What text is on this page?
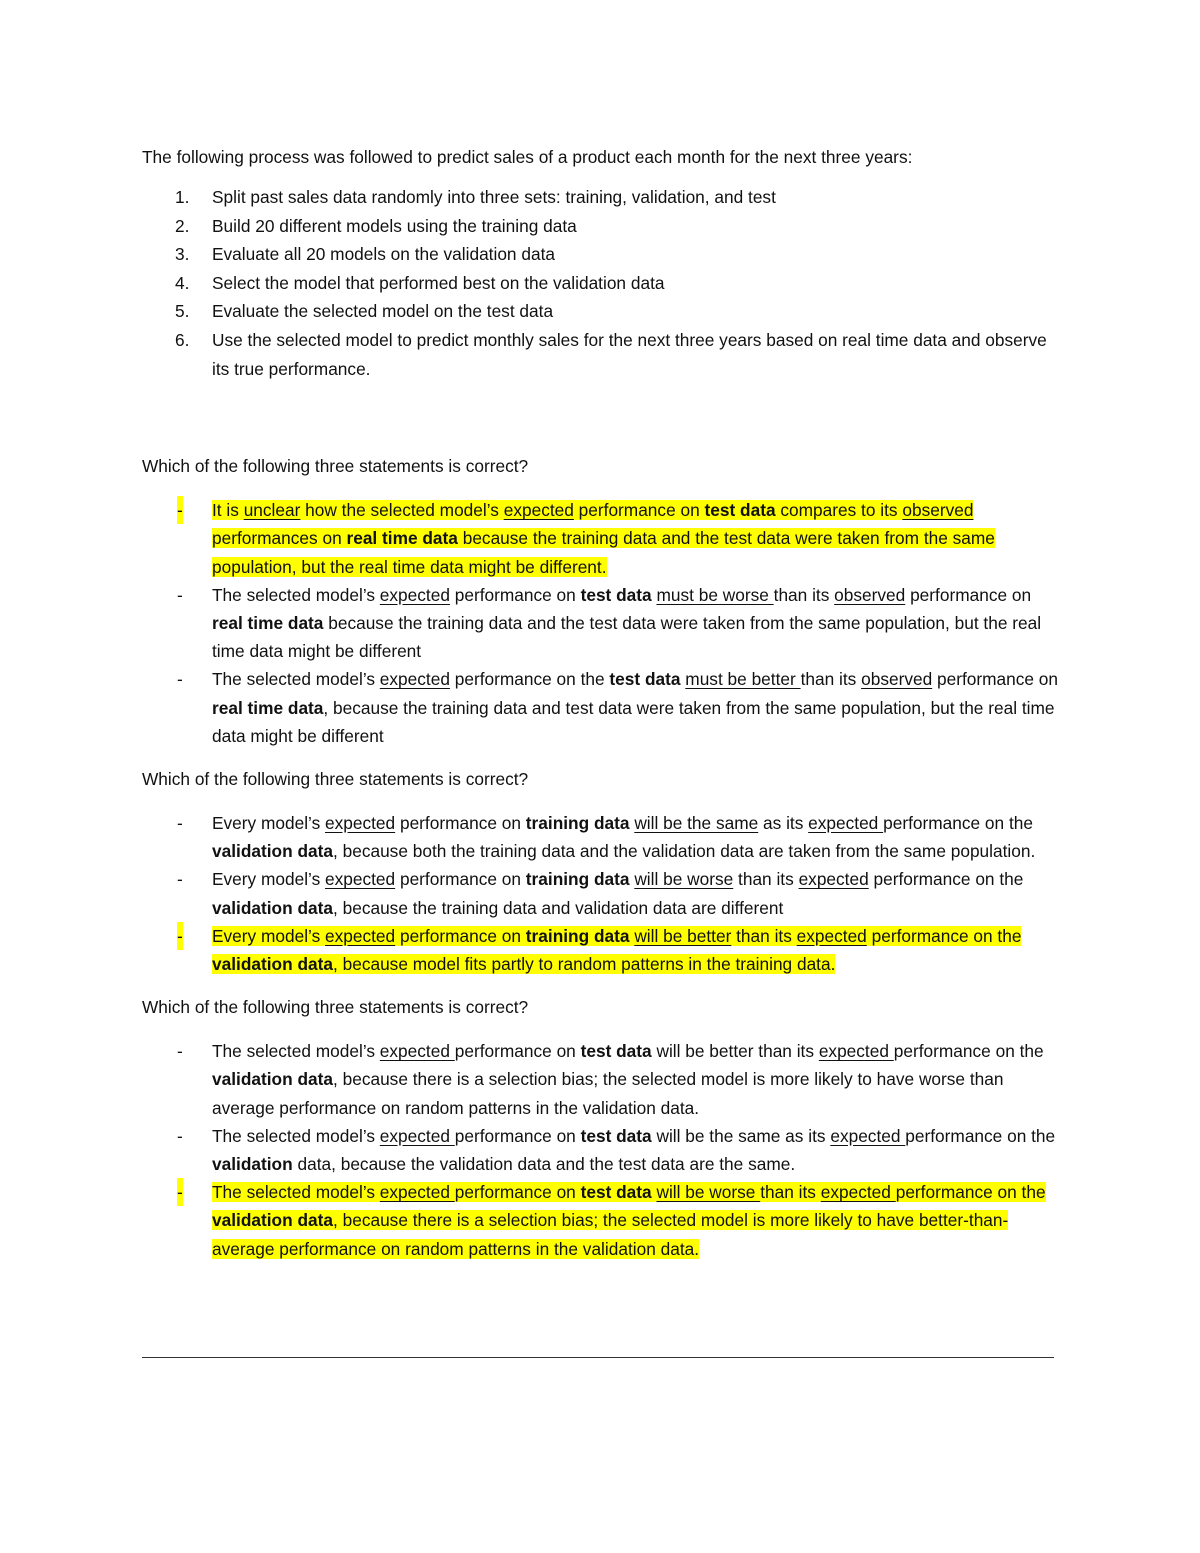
The following process was followed to predict sales of a product each month for the next three years:

1. Split past sales data randomly into three sets: training, validation, and test
2. Build 20 different models using the training data
3. Evaluate all 20 models on the validation data
4. Select the model that performed best on the validation data
5. Evaluate the selected model on the test data
6. Use the selected model to predict monthly sales for the next three years based on real time data and observe its true performance.

Which of the following three statements is correct?

- It is unclear how the selected model’s expected performance on test data compares to its observed performances on real time data because the training data and the test data were taken from the same population, but the real time data might be different.
- The selected model’s expected performance on test data must be worse than its observed performance on real time data because the training data and the test data were taken from the same population, but the real time data might be different
- The selected model’s expected performance on the test data must be better than its observed performance on real time data, because the training data and test data were taken from the same population, but the real time data might be different

Which of the following three statements is correct?

- Every model’s expected performance on training data will be the same as its expected performance on the validation data, because both the training data and the validation data are taken from the same population.
- Every model’s expected performance on training data will be worse than its expected performance on the validation data, because the training data and validation data are different
- Every model’s expected performance on training data will be better than its expected performance on the validation data, because model fits partly to random patterns in the training data.

Which of the following three statements is correct?

- The selected model’s expected performance on test data will be better than its expected performance on the validation data, because there is a selection bias; the selected model is more likely to have worse than average performance on random patterns in the validation data.
- The selected model’s expected performance on test data will be the same as its expected performance on the validation data, because the validation data and the test data are the same.
- The selected model’s expected performance on test data will be worse than its expected performance on the validation data, because there is a selection bias; the selected model is more likely to have better-than-average performance on random patterns in the validation data.
